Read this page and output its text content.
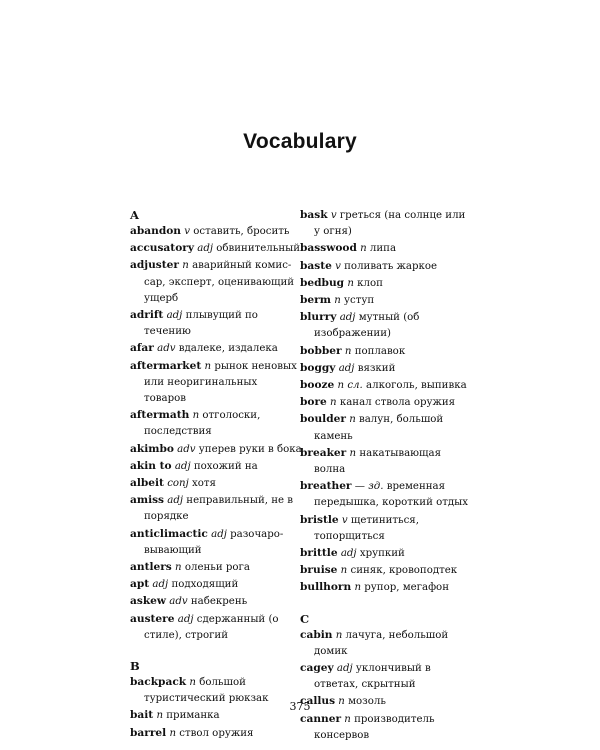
Vocabulary
A
abandon v оставить, бросить
accusatory adj обвинительный
adjuster n аварийный комиссар, эксперт, оценивающий ущерб
adrift adj плывущий по течению
afar adv вдалеке, издалека
aftermarket n рынок неновых или неоригинальных товаров
aftermath n отголоски, последствия
akimbo adv уперев руки в бока
akin to adj похожий на
albeit conj хотя
amiss adj неправильный, не в порядке
anticlimactic adj разочаровывающий
antlers n оленьи рога
apt adj подходящий
askew adv набекрень
austere adj сдержанный (о стиле), строгий
B
backpack n большой туристический рюкзак
bait n приманка
barrel n ствол оружия
bask v греться (на солнце или у огня)
basswood n липа
baste v поливать жаркое
bedbug n клоп
berm n уступ
blurry adj мутный (об изображении)
bobber n поплавок
boggy adj вязкий
booze n сл. алкоголь, выпивка
bore n канал ствола оружия
boulder n валун, большой камень
breaker n накатывающая волна
breather — зд. временная передышка, короткий отдых
bristle v щетиниться, топорщиться
brittle adj хрупкий
bruise n синяк, кровоподтек
bullhorn n рупор, мегафон
C
cabin n лачуга, небольшой домик
cagey adj уклончивый в ответах, скрытный
callus n мозоль
canner n производитель консервов
375
